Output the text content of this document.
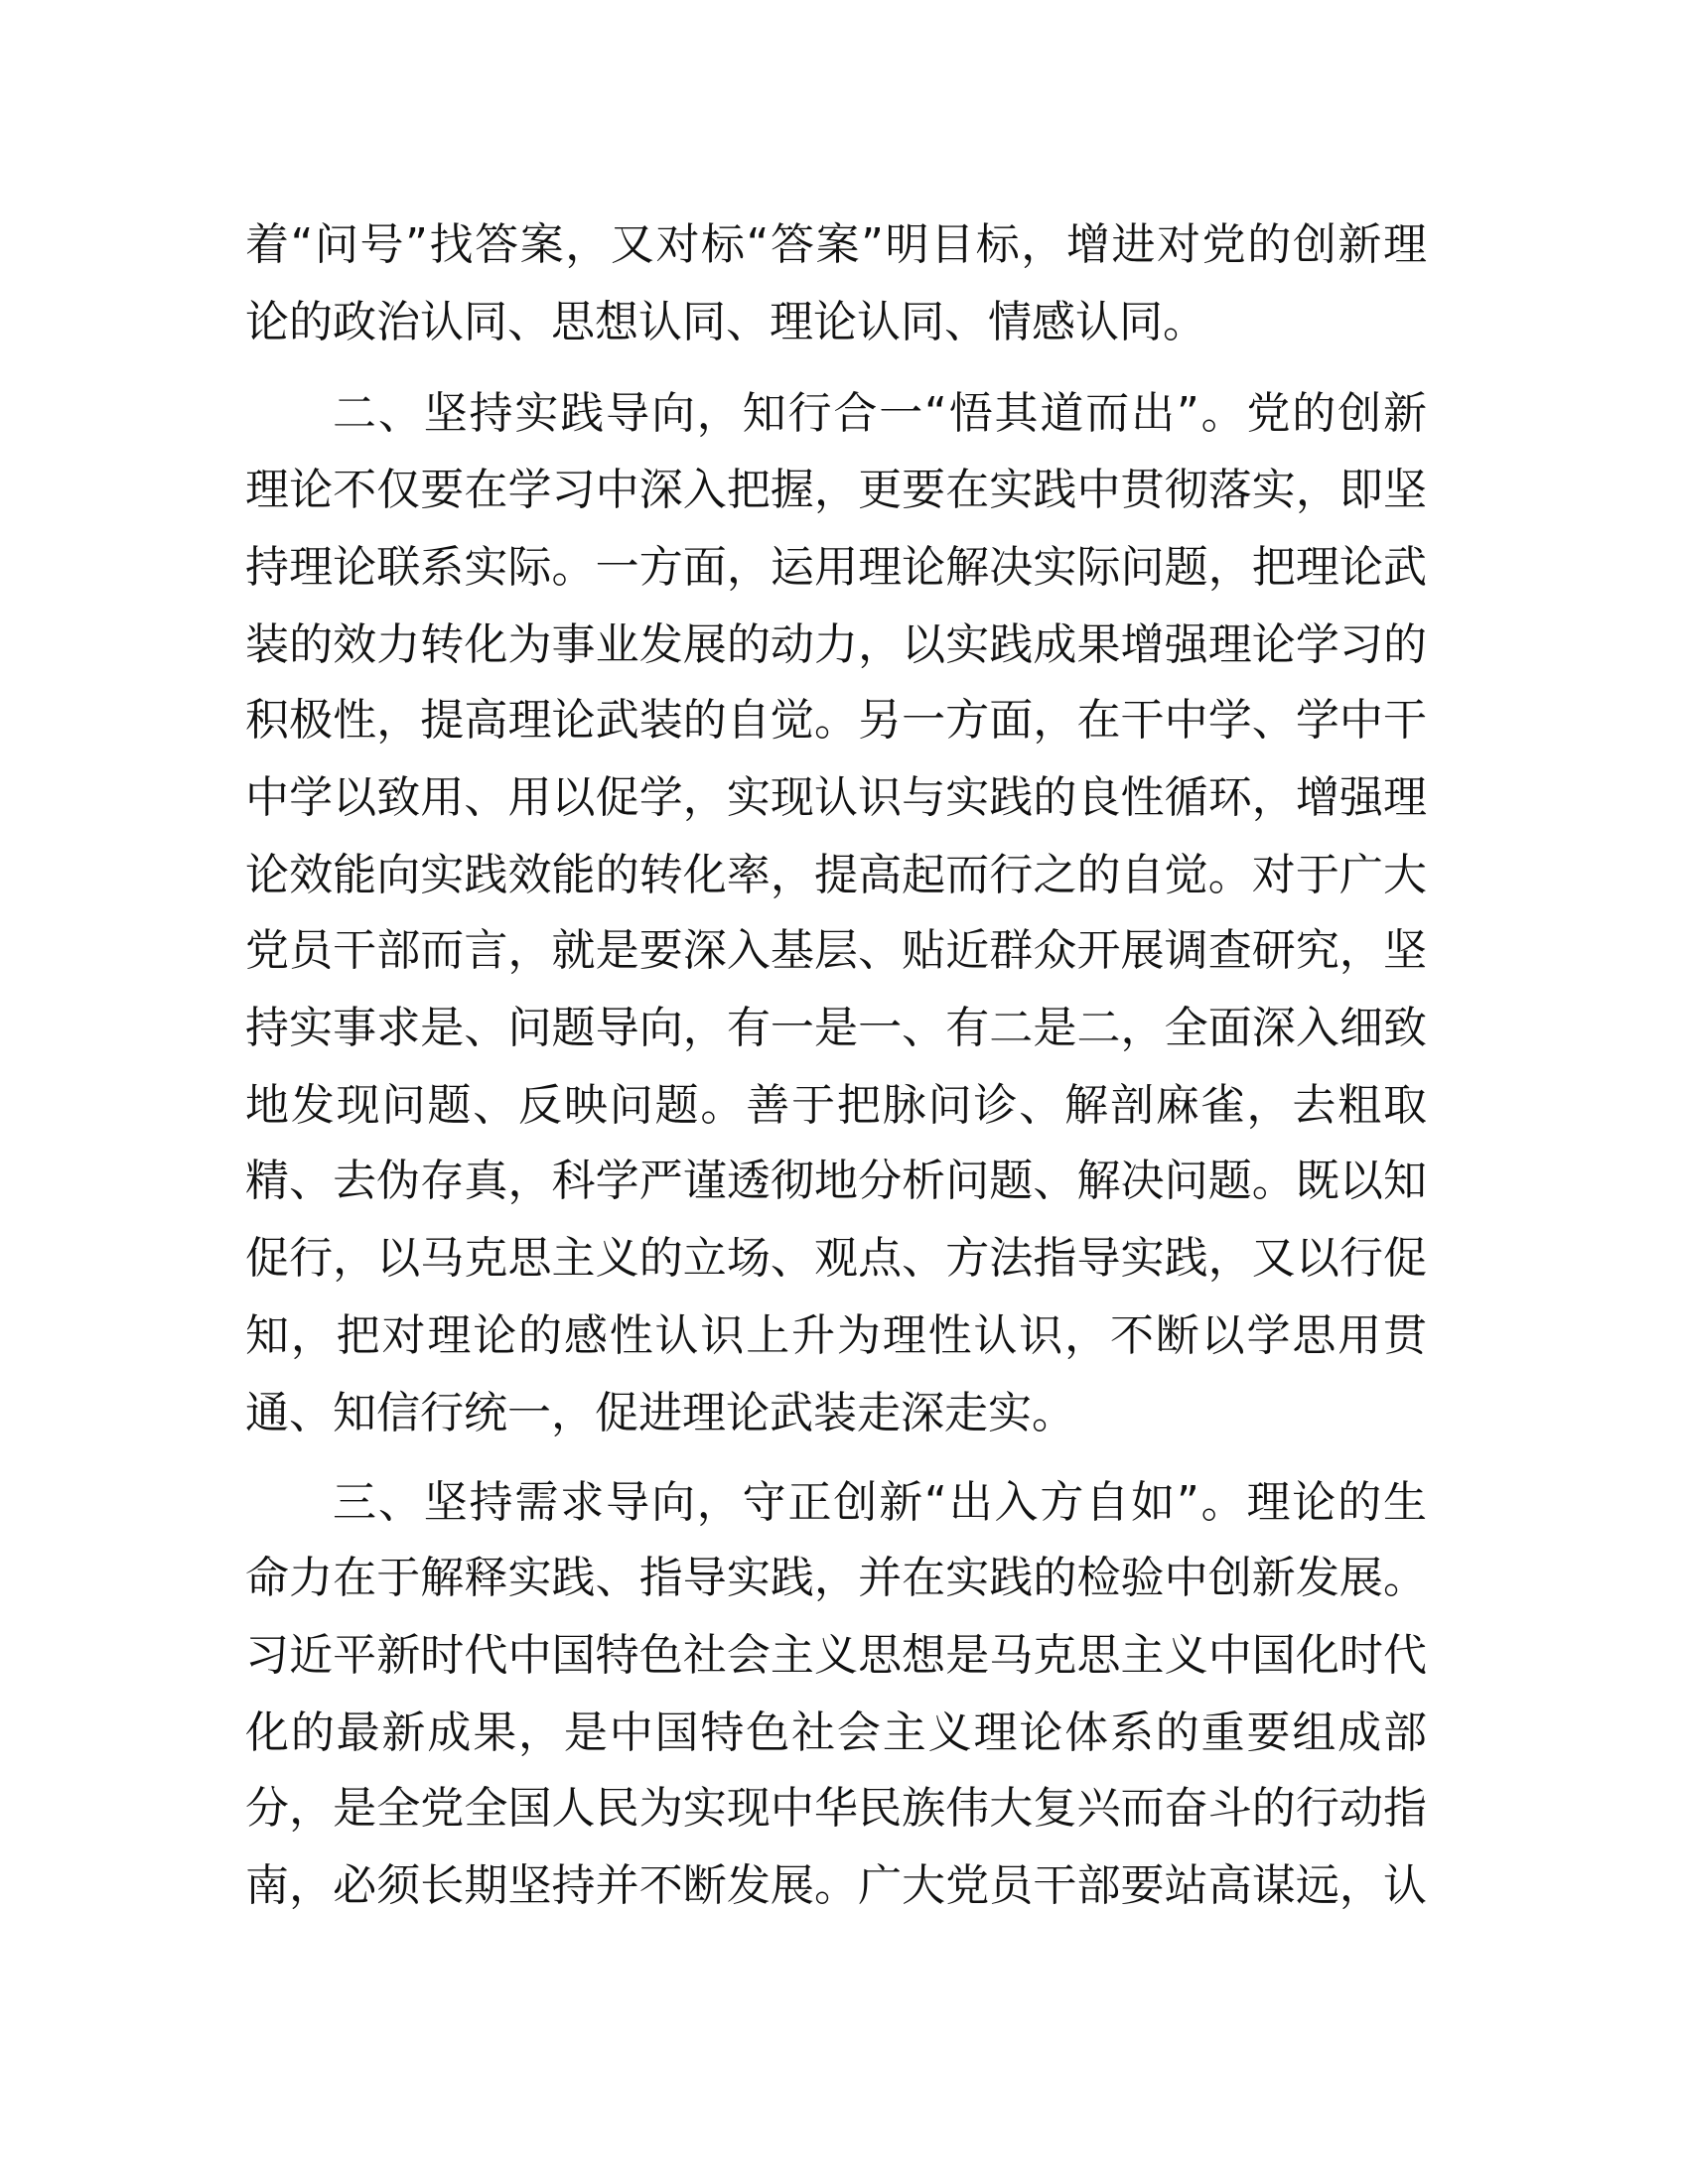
着“问号”找答案，又对标“答案”明目标，增进对党的创新理
论的政治认同、思想认同、理论认同、情感认同。
二、坚持实践导向，知行合一“悟其道而出”。党的创新
理论不仅要在学习中深入把握，更要在实践中贯彻落实，即坚
持理论联系实际。一方面，运用理论解决实际问题，把理论武
装的效力转化为事业发展的动力，以实践成果增强理论学习的
积极性，提高理论武装的自觉。另一方面，在干中学、学中干
中学以致用、用以促学，实现认识与实践的良性循环，增强理
论效能向实践效能的转化率，提高起而行之的自觉。对于广大
党员干部而言，就是要深入基层、贴近群众开展调查研究，坚
持实事求是、问题导向，有一是一、有二是二，全面深入细致
地发现问题、反映问题。善于把脉问诊、解剖麻雀，去粗取
精、去伪存真，科学严谨透彻地分析问题、解决问题。既以知
促行，以马克思主义的立场、观点、方法指导实践，又以行促
知，把对理论的感性认识上升为理性认识，不断以学思用贯
通、知信行统一，促进理论武装走深走实。
三、坚持需求导向，守正创新“出入方自如”。理论的生
命力在于解释实践、指导实践，并在实践的检验中创新发展。
习近平新时代中国特色社会主义思想是马克思主义中国化时代
化的最新成果，是中国特色社会主义理论体系的重要组成部
分，是全党全国人民为实现中华民族伟大复兴而奋斗的行动指
南，必须长期坚持并不断发展。广大党员干部要站高谋远，认
